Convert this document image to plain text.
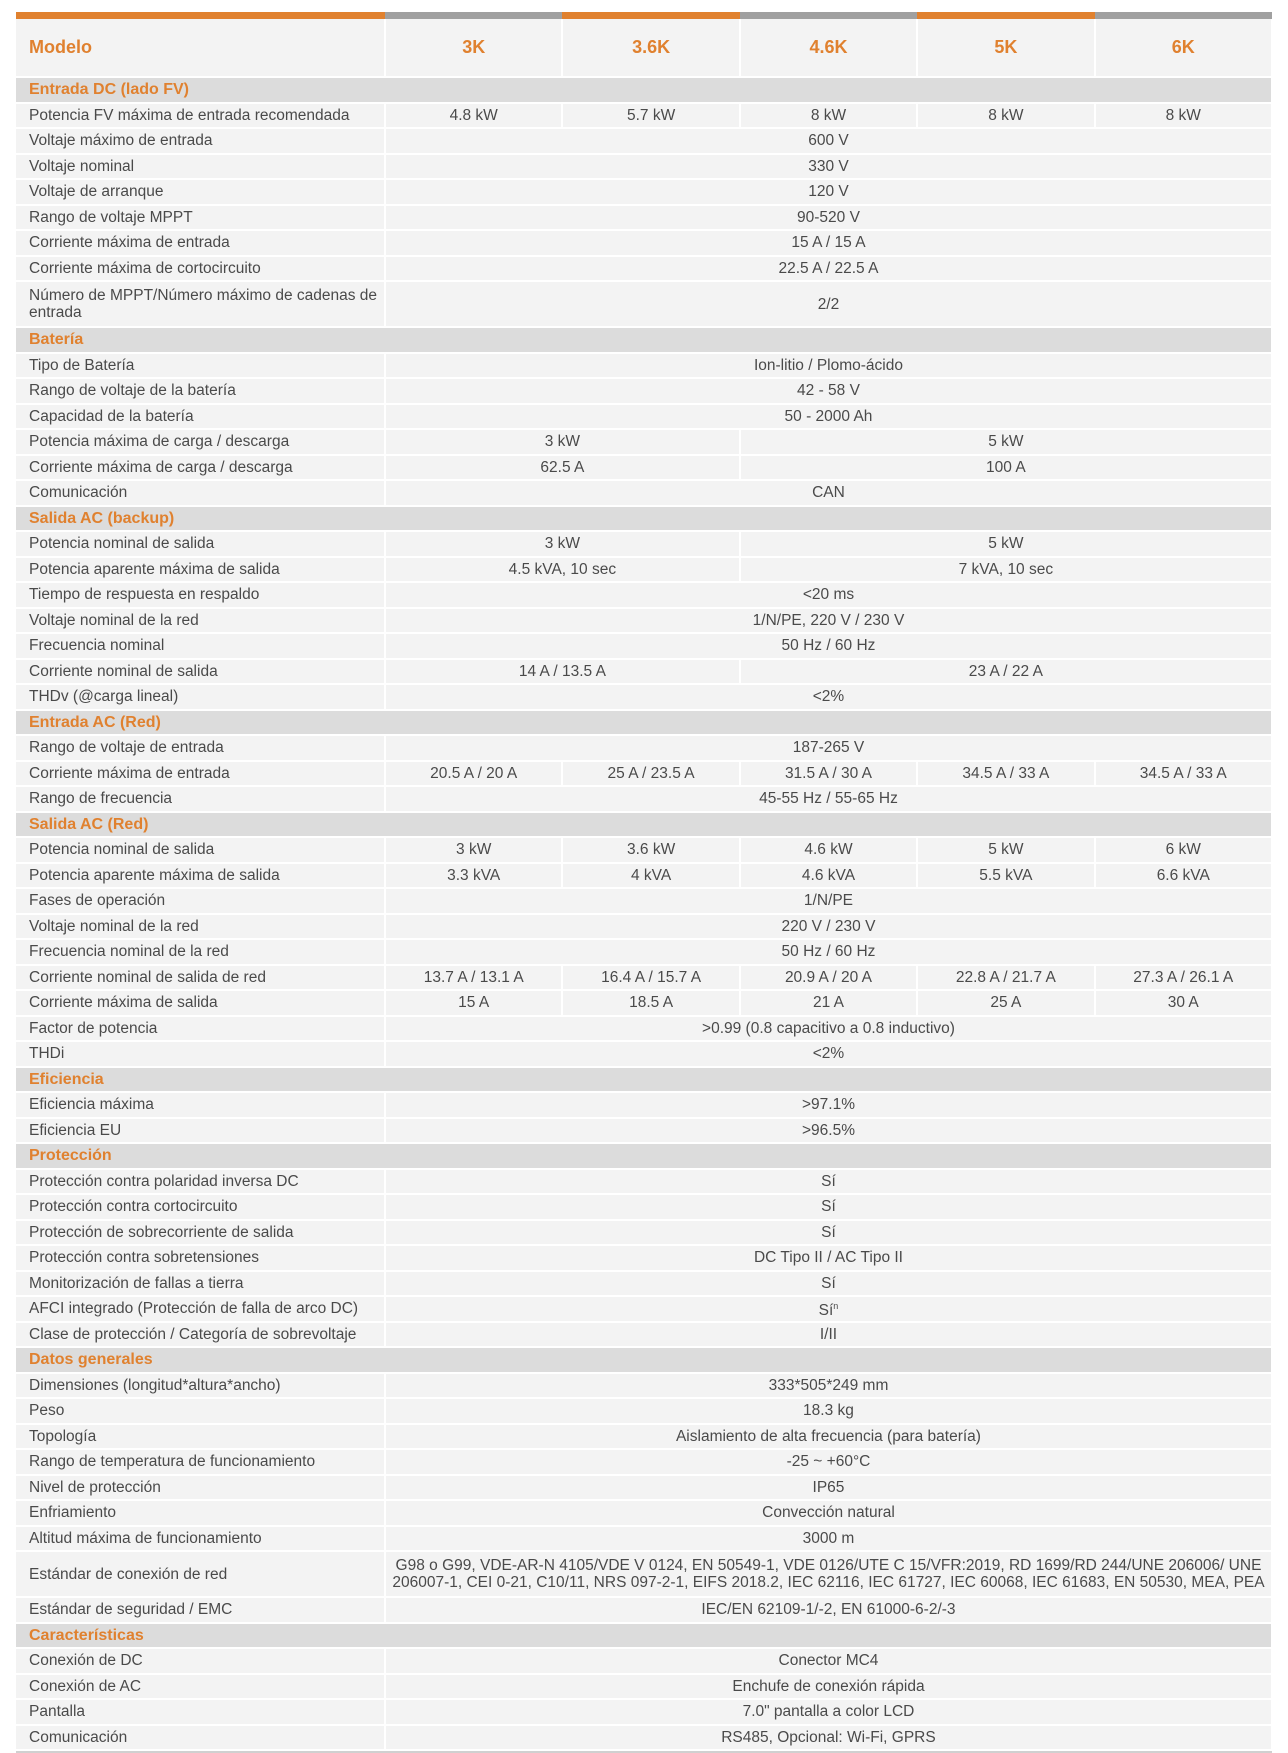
Modelo	3K	3.6K	4.6K	5K	6K
Entrada DC (lado FV)					
Potencia FV máxima de entrada recomendada	4.8 kW	5.7 kW	8 kW	8 kW	8 kW
Voltaje máximo de entrada	600 V				
Voltaje nominal	330 V				
Voltaje de arranque	120 V				
Rango de voltaje MPPT	90-520 V				
Corriente máxima de entrada	15 A / 15 A				
Corriente máxima de cortocircuito	22.5 A / 22.5 A				
Número de MPPT/Número máximo de cadenas de entrada	2/2				
Batería					
Tipo de Batería	Ion-litio / Plomo-ácido				
Rango de voltaje de la batería	42 - 58 V				
Capacidad de la batería	50 - 2000 Ah				
Potencia máxima de carga / descarga	3 kW		5 kW		
Corriente máxima de carga / descarga	62.5 A		100 A		
Comunicación	CAN				
Salida AC (backup)					
Potencia nominal de salida	3 kW		5 kW		
Potencia aparente máxima de salida	4.5 kVA, 10 sec		7 kVA, 10 sec		
Tiempo de respuesta en respaldo	<20 ms				
Voltaje nominal de la red	1/N/PE, 220 V / 230 V				
Frecuencia nominal	50 Hz / 60 Hz				
Corriente nominal de salida	14 A / 13.5 A		23 A / 22 A		
THDv (@carga lineal)	<2%				
Entrada AC (Red)					
Rango de voltaje de entrada	187-265 V				
Corriente máxima de entrada	20.5 A / 20 A	25 A / 23.5 A	31.5 A / 30 A	34.5 A / 33 A	34.5 A / 33 A
Rango de frecuencia	45-55 Hz / 55-65 Hz				
Salida AC (Red)					
Potencia nominal de salida	3 kW	3.6 kW	4.6 kW	5 kW	6 kW
Potencia aparente máxima de salida	3.3 kVA	4 kVA	4.6 kVA	5.5 kVA	6.6 kVA
Fases de operación	1/N/PE				
Voltaje nominal de la red	220 V / 230 V				
Frecuencia nominal de la red	50 Hz / 60 Hz				
Corriente nominal de salida de red	13.7 A / 13.1 A	16.4 A / 15.7 A	20.9 A / 20 A	22.8 A / 21.7 A	27.3 A / 26.1 A
Corriente máxima de salida	15 A	18.5 A	21 A	25 A	30 A
Factor de potencia	>0.99 (0.8 capacitivo a 0.8 inductivo)				
THDi	<2%				
Eficiencia					
Eficiencia máxima	>97.1%				
Eficiencia EU	>96.5%				
Protección					
Protección contra polaridad inversa DC	Sí				
Protección contra cortocircuito	Sí				
Protección de sobrecorriente de salida	Sí				
Protección contra sobretensiones	DC Tipo II / AC Tipo II				
Monitorización de fallas a tierra	Sí				
AFCI integrado (Protección de falla de arco DC)	$Sí^n$
Clase de protección / Categoría de sobrevoltaje	I/II				
Datos generales					
Dimensiones (longitud*altura*ancho)	333*505*249 mm				
Peso	18.3 kg				
Topología	Aislamiento de alta frecuencia (para batería)				
Rango de temperatura de funcionamiento	-25 ~ +60°C				
Nivel de protección	IP65				
Enfriamiento	Convección natural				
Altitud máxima de funcionamiento	3000 m				
Estándar de conexión de red	G98 o G99, VDE-AR-N 4105/VDE V 0124, EN 50549-1, VDE 0126/UTE C 15/VFR:2019, RD 1699/RD 244/UNE 206006/ UNE 206007-1, CEI 0-21, C10/11, NRS 097-2-1, EIFS 2018.2, IEC 62116, IEC 61727, IEC 60068, IEC 61683, EN 50530, MEA, PEA				
Estándar de seguridad / EMC	IEC/EN 62109-1/-2, EN 61000-6-2/-3				
Características					
Conexión de DC	Conector MC4				
Conexión de AC	Enchufe de conexión rápida				
Pantalla	7.0" pantalla a color LCD				
Comunicación	RS485, Opcional: Wi-Fi, GPRS				
